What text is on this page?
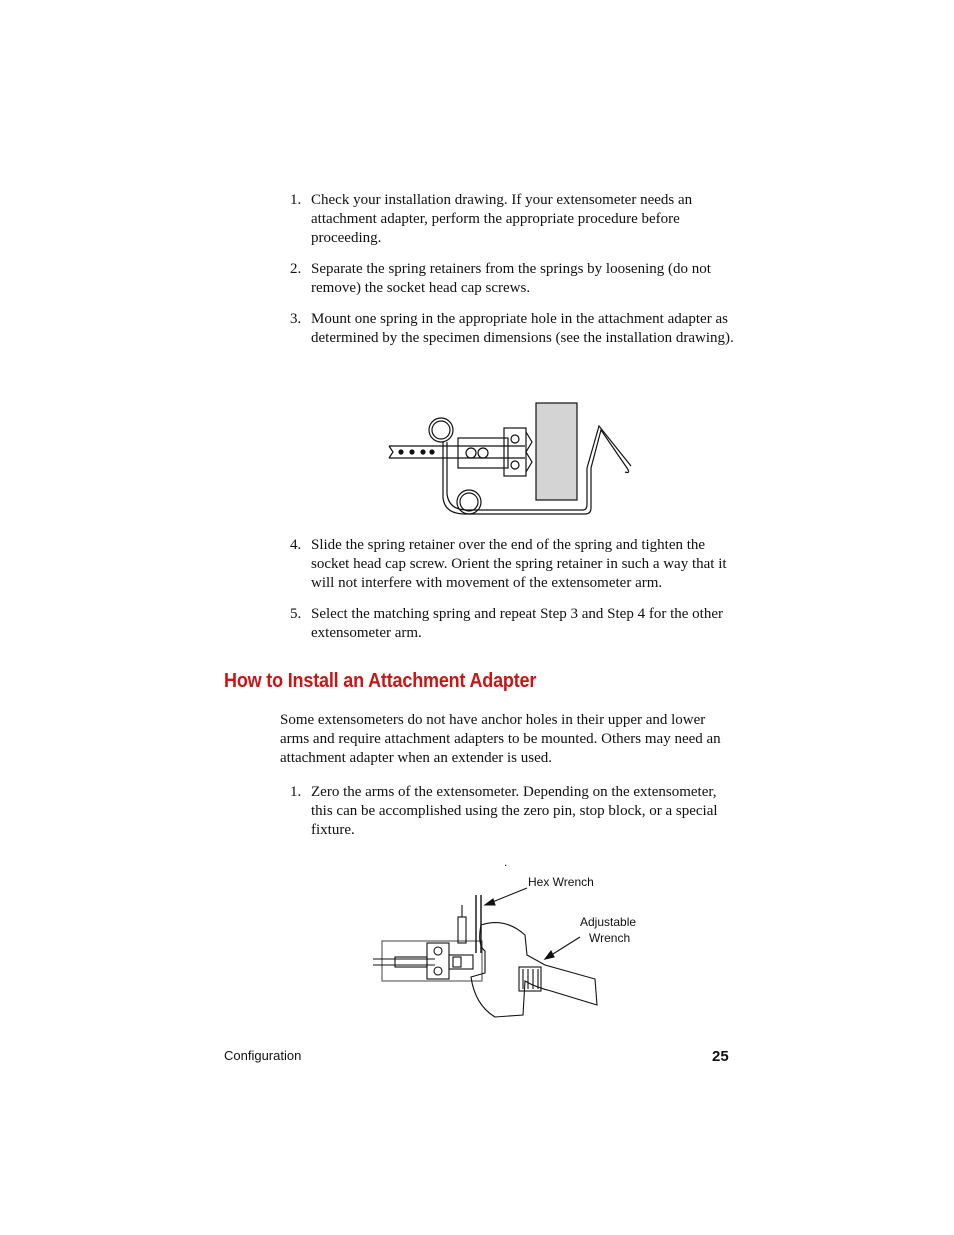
1. Check your installation drawing. If your extensometer needs an attachment adapter, perform the appropriate procedure before proceeding.
2. Separate the spring retainers from the springs by loosening (do not remove) the socket head cap screws.
3. Mount one spring in the appropriate hole in the attachment adapter as determined by the specimen dimensions (see the installation drawing).
4. Slide the spring retainer over the end of the spring and tighten the socket head cap screw. Orient the spring retainer in such a way that it will not interfere with movement of the extensometer arm.
5. Select the matching spring and repeat Step 3 and Step 4 for the other extensometer arm.
How to Install an Attachment Adapter

Some extensometers do not have anchor holes in their upper and lower arms and require attachment adapters to be mounted. Others may need an attachment adapter when an extender is used.

1. Zero the arms of the extensometer. Depending on the extensometer, this can be accomplished using the zero pin, stop block, or a special fixture.
.
Hex Wrench
Adjustable
Wrench
Configuration	25
